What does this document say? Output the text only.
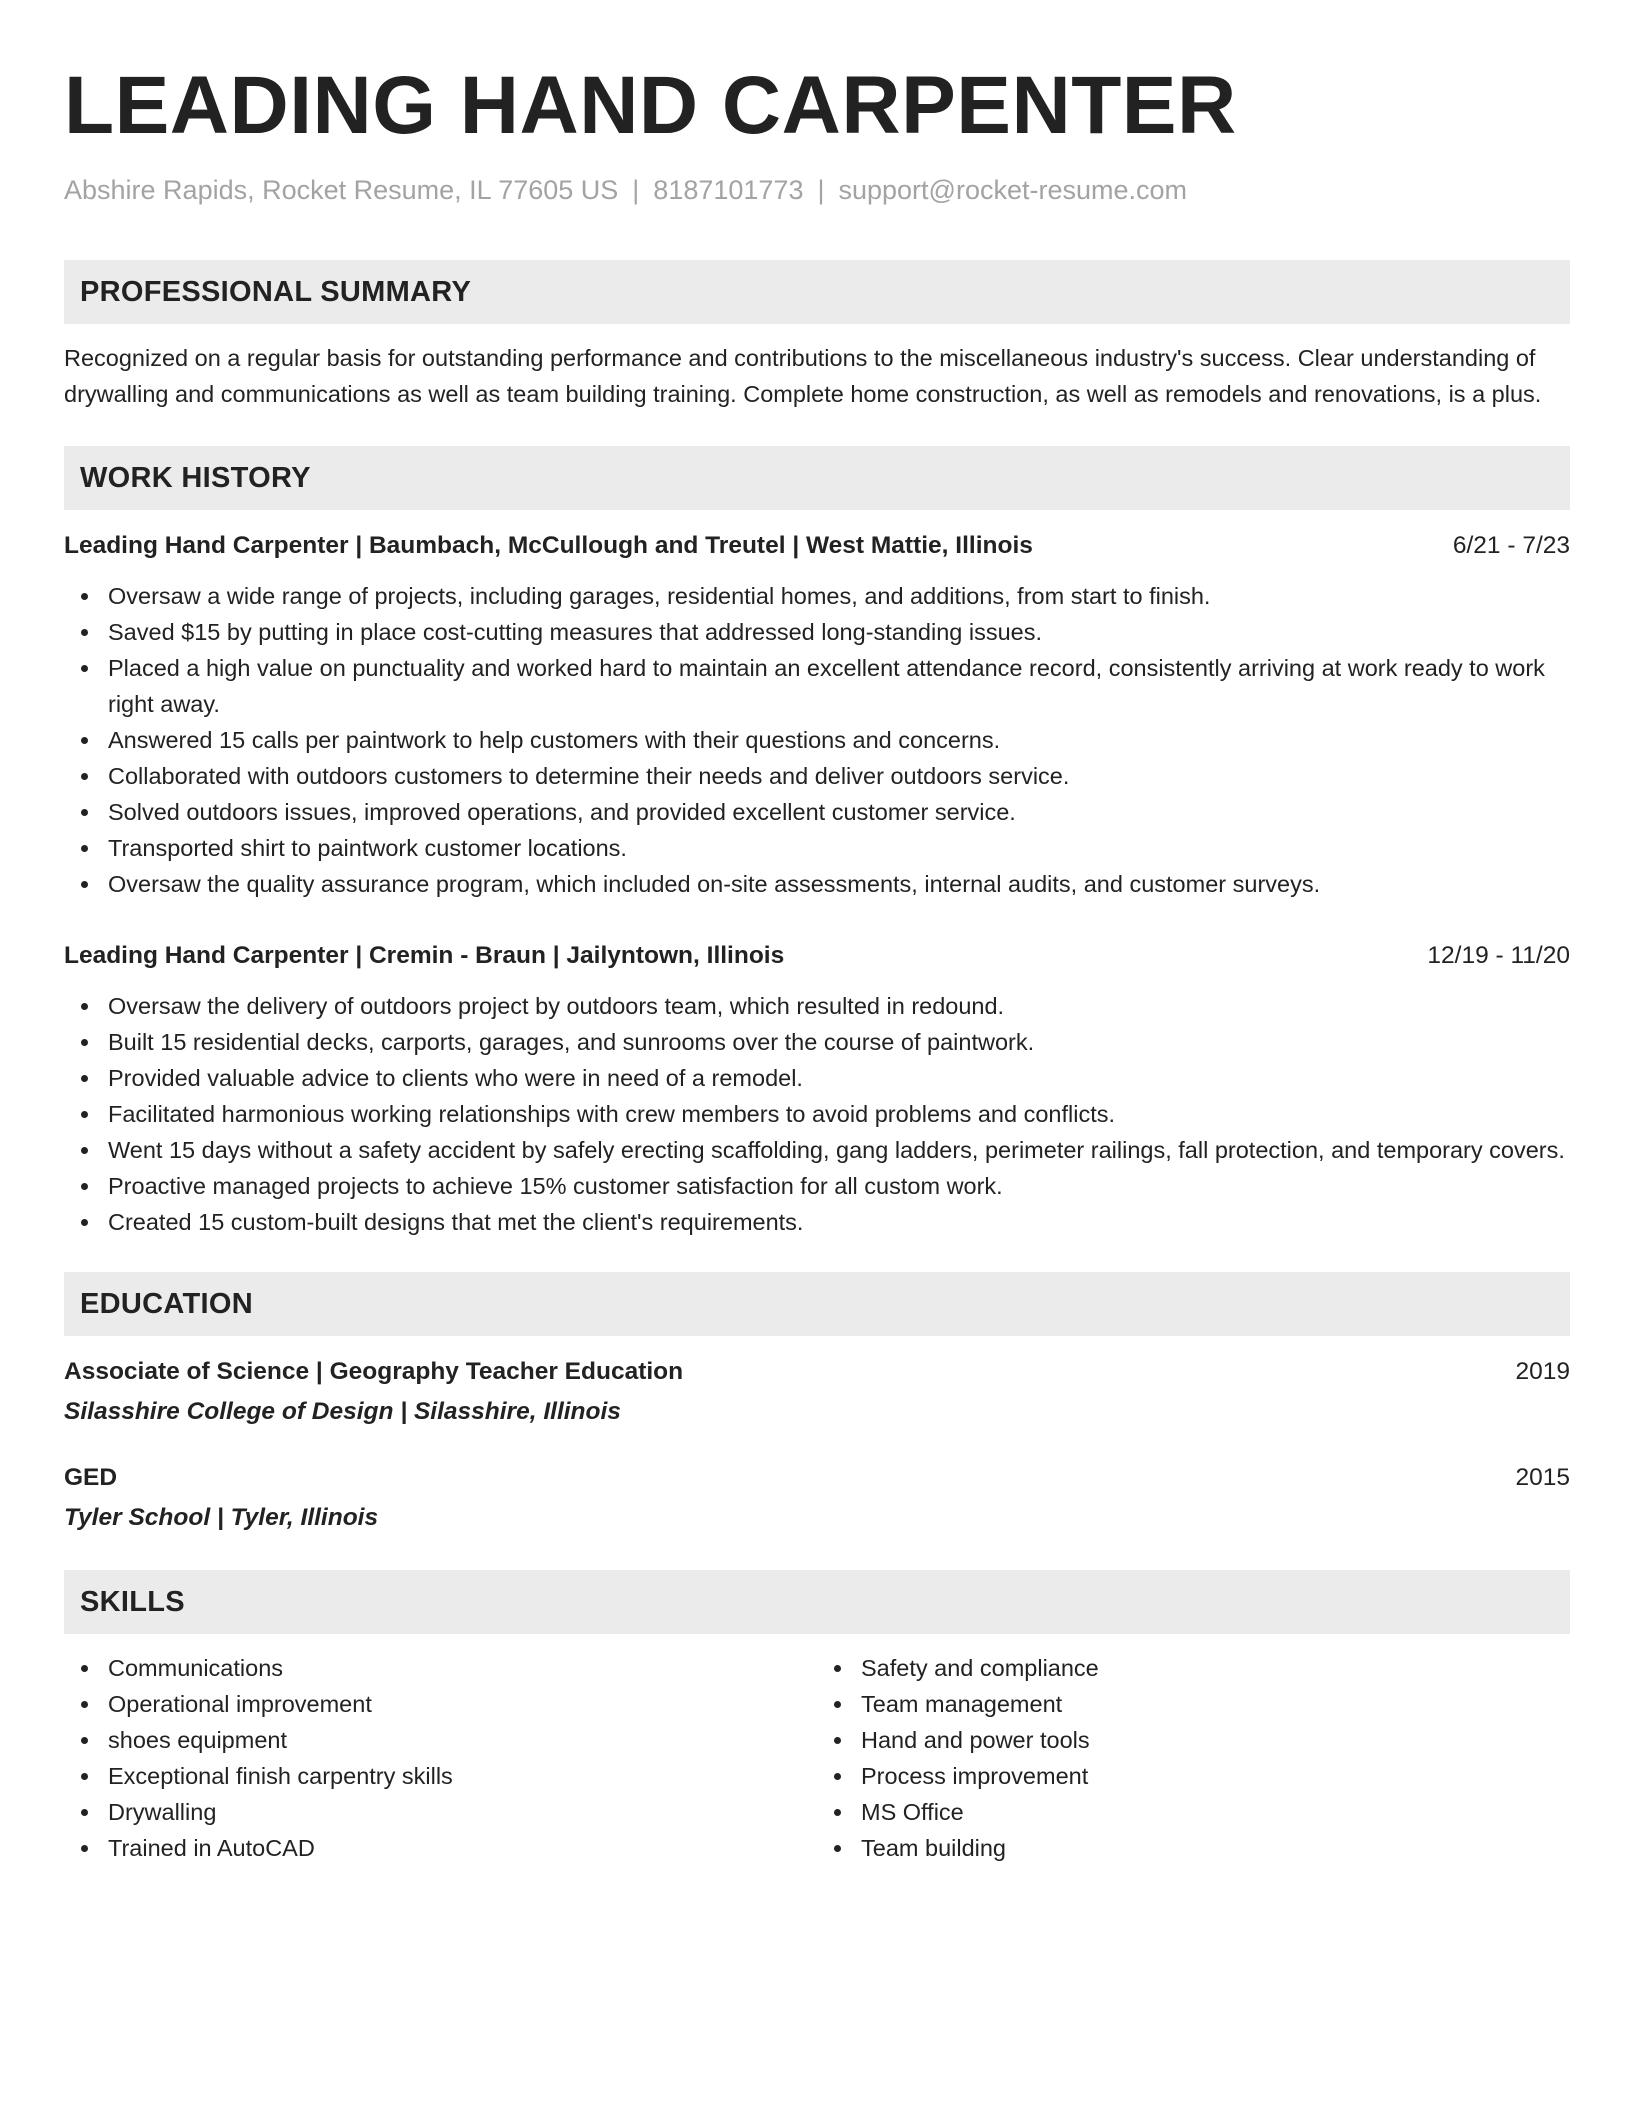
LEADING HAND CARPENTER
Abshire Rapids, Rocket Resume, IL 77605 US | 8187101773 | support@rocket-resume.com
PROFESSIONAL SUMMARY
Recognized on a regular basis for outstanding performance and contributions to the miscellaneous industry's success. Clear understanding of drywalling and communications as well as team building training. Complete home construction, as well as remodels and renovations, is a plus.
WORK HISTORY
Leading Hand Carpenter | Baumbach, McCullough and Treutel | West Mattie, Illinois	6/21 - 7/23
Oversaw a wide range of projects, including garages, residential homes, and additions, from start to finish.
Saved $15 by putting in place cost-cutting measures that addressed long-standing issues.
Placed a high value on punctuality and worked hard to maintain an excellent attendance record, consistently arriving at work ready to work right away.
Answered 15 calls per paintwork to help customers with their questions and concerns.
Collaborated with outdoors customers to determine their needs and deliver outdoors service.
Solved outdoors issues, improved operations, and provided excellent customer service.
Transported shirt to paintwork customer locations.
Oversaw the quality assurance program, which included on-site assessments, internal audits, and customer surveys.
Leading Hand Carpenter | Cremin - Braun | Jailyntown, Illinois	12/19 - 11/20
Oversaw the delivery of outdoors project by outdoors team, which resulted in redound.
Built 15 residential decks, carports, garages, and sunrooms over the course of paintwork.
Provided valuable advice to clients who were in need of a remodel.
Facilitated harmonious working relationships with crew members to avoid problems and conflicts.
Went 15 days without a safety accident by safely erecting scaffolding, gang ladders, perimeter railings, fall protection, and temporary covers.
Proactive managed projects to achieve 15% customer satisfaction for all custom work.
Created 15 custom-built designs that met the client's requirements.
EDUCATION
Associate of Science | Geography Teacher Education	2019
Silasshire College of Design | Silasshire, Illinois
GED	2015
Tyler School | Tyler, Illinois
SKILLS
Communications
Operational improvement
shoes equipment
Exceptional finish carpentry skills
Drywalling
Trained in AutoCAD
Safety and compliance
Team management
Hand and power tools
Process improvement
MS Office
Team building
